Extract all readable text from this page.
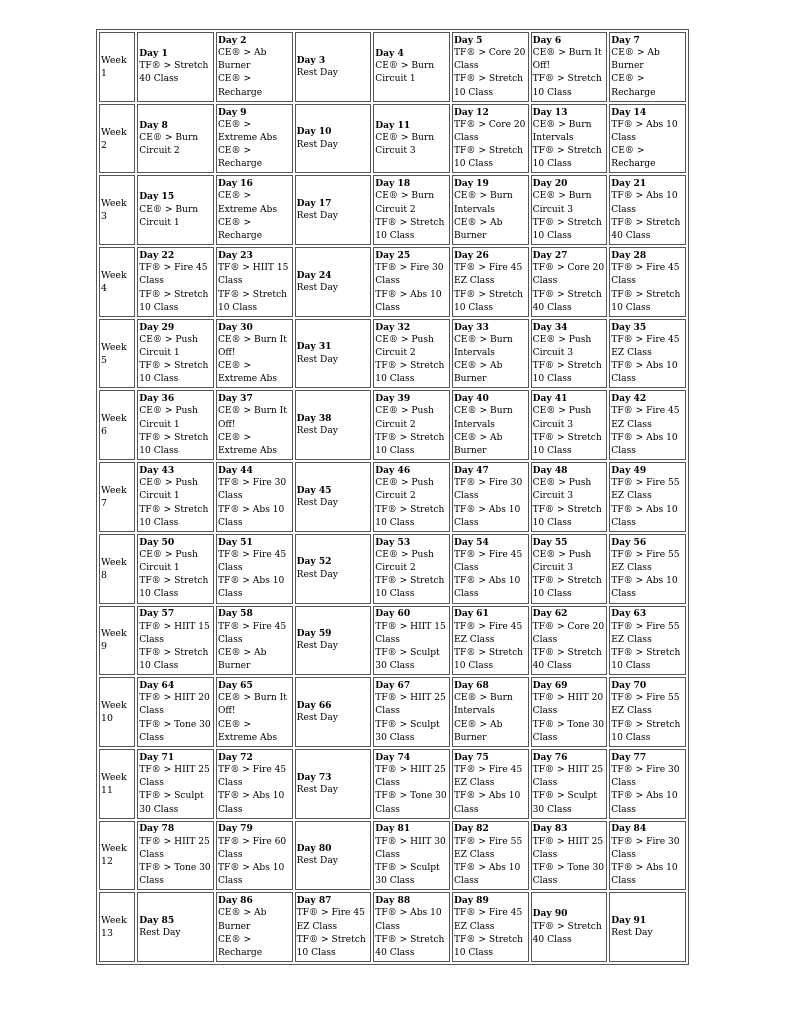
Week 1	Day 1
TF® > Stretch 40 Class	Day 2
CE® > Ab Burner
CE® > Recharge	Day 3
Rest Day	Day 4
CE® > Burn Circuit 1	Day 5
TF® > Core 20 Class
TF® > Stretch 10 Class	Day 6
CE® > Burn It Off!
TF® > Stretch 10 Class	Day 7
CE® > Ab Burner
CE® > Recharge

Week 2	Day 8
CE® > Burn Circuit 2	Day 9
CE® > Extreme Abs
CE® > Recharge	Day 10
Rest Day	Day 11
CE® > Burn Circuit 3	Day 12
TF® > Core 20 Class
TF® > Stretch 10 Class	Day 13
CE® > Burn Intervals
TF® > Stretch 10 Class	Day 14
TF® > Abs 10 Class
CE® > Recharge

Week 3	Day 15
CE® > Burn Circuit 1	Day 16
CE® > Extreme Abs
CE® > Recharge	Day 17
Rest Day	Day 18
CE® > Burn Circuit 2
TF® > Stretch 10 Class	Day 19
CE® > Burn Intervals
CE® > Ab Burner	Day 20
CE® > Burn Circuit 3
TF® > Stretch 10 Class	Day 21
TF® > Abs 10 Class
TF® > Stretch 40 Class

Week 4	Day 22
TF® > Fire 45 Class
TF® > Stretch 10 Class	Day 23
TF® > HIIT 15 Class
TF® > Stretch 10 Class	Day 24
Rest Day	Day 25
TF® > Fire 30 Class
TF® > Abs 10 Class	Day 26
TF® > Fire 45 EZ Class
TF® > Stretch 10 Class	Day 27
TF® > Core 20 Class
TF® > Stretch 40 Class	Day 28
TF® > Fire 45 Class
TF® > Stretch 10 Class

Week 5	Day 29
CE® > Push Circuit 1
TF® > Stretch 10 Class	Day 30
CE® > Burn It Off!
CE® > Extreme Abs	Day 31
Rest Day	Day 32
CE® > Push Circuit 2
TF® > Stretch 10 Class	Day 33
CE® > Burn Intervals
CE® > Ab Burner	Day 34
CE® > Push Circuit 3
TF® > Stretch 10 Class	Day 35
TF® > Fire 45 EZ Class
TF® > Abs 10 Class

Week 6	Day 36
CE® > Push Circuit 1
TF® > Stretch 10 Class	Day 37
CE® > Burn It Off!
CE® > Extreme Abs	Day 38
Rest Day	Day 39
CE® > Push Circuit 2
TF® > Stretch 10 Class	Day 40
CE® > Burn Intervals
CE® > Ab Burner	Day 41
CE® > Push Circuit 3
TF® > Stretch 10 Class	Day 42
TF® > Fire 45 EZ Class
TF® > Abs 10 Class

Week 7	Day 43
CE® > Push Circuit 1
TF® > Stretch 10 Class	Day 44
TF® > Fire 30 Class
TF® > Abs 10 Class	Day 45
Rest Day	Day 46
CE® > Push Circuit 2
TF® > Stretch 10 Class	Day 47
TF® > Fire 30 Class
TF® > Abs 10 Class	Day 48
CE® > Push Circuit 3
TF® > Stretch 10 Class	Day 49
TF® > Fire 55 EZ Class
TF® > Abs 10 Class

Week 8	Day 50
CE® > Push Circuit 1
TF® > Stretch 10 Class	Day 51
TF® > Fire 45 Class
TF® > Abs 10 Class	Day 52
Rest Day	Day 53
CE® > Push Circuit 2
TF® > Stretch 10 Class	Day 54
TF® > Fire 45 Class
TF® > Abs 10 Class	Day 55
CE® > Push Circuit 3
TF® > Stretch 10 Class	Day 56
TF® > Fire 55 EZ Class
TF® > Abs 10 Class

Week 9	Day 57
TF® > HIIT 15 Class
TF® > Stretch 10 Class	Day 58
TF® > Fire 45 Class
CE® > Ab Burner	Day 59
Rest Day	Day 60
TF® > HIIT 15 Class
TF® > Sculpt 30 Class	Day 61
TF® > Fire 45 EZ Class
TF® > Stretch 10 Class	Day 62
TF® > Core 20 Class
TF® > Stretch 40 Class	Day 63
TF® > Fire 55 EZ Class
TF® > Stretch 10 Class

Week 10	Day 64
TF® > HIIT 20 Class
TF® > Tone 30 Class	Day 65
CE® > Burn It Off!
CE® > Extreme Abs	Day 66
Rest Day	Day 67
TF® > HIIT 25 Class
TF® > Sculpt 30 Class	Day 68
CE® > Burn Intervals
CE® > Ab Burner	Day 69
TF® > HIIT 20 Class
TF® > Tone 30 Class	Day 70
TF® > Fire 55 EZ Class
TF® > Stretch 10 Class

Week 11	Day 71
TF® > HIIT 25 Class
TF® > Sculpt 30 Class	Day 72
TF® > Fire 45 Class
TF® > Abs 10 Class	Day 73
Rest Day	Day 74
TF® > HIIT 25 Class
TF® > Tone 30 Class	Day 75
TF® > Fire 45 EZ Class
TF® > Abs 10 Class	Day 76
TF® > HIIT 25 Class
TF® > Sculpt 30 Class	Day 77
TF® > Fire 30 Class
TF® > Abs 10 Class

Week 12	Day 78
TF® > HIIT 25 Class
TF® > Tone 30 Class	Day 79
TF® > Fire 60 Class
TF® > Abs 10 Class	Day 80
Rest Day	Day 81
TF® > HIIT 30 Class
TF® > Sculpt 30 Class	Day 82
TF® > Fire 55 EZ Class
TF® > Abs 10 Class	Day 83
TF® > HIIT 25 Class
TF® > Tone 30 Class	Day 84
TF® > Fire 30 Class
TF® > Abs 10 Class

Week 13	Day 85
Rest Day	Day 86
CE® > Ab Burner
CE® > Recharge	Day 87
TF® > Fire 45 EZ Class
TF® > Stretch 10 Class	Day 88
TF® > Abs 10 Class
TF® > Stretch 40 Class	Day 89
TF® > Fire 45 EZ Class
TF® > Stretch 10 Class	Day 90
TF® > Stretch 40 Class	Day 91
Rest Day
